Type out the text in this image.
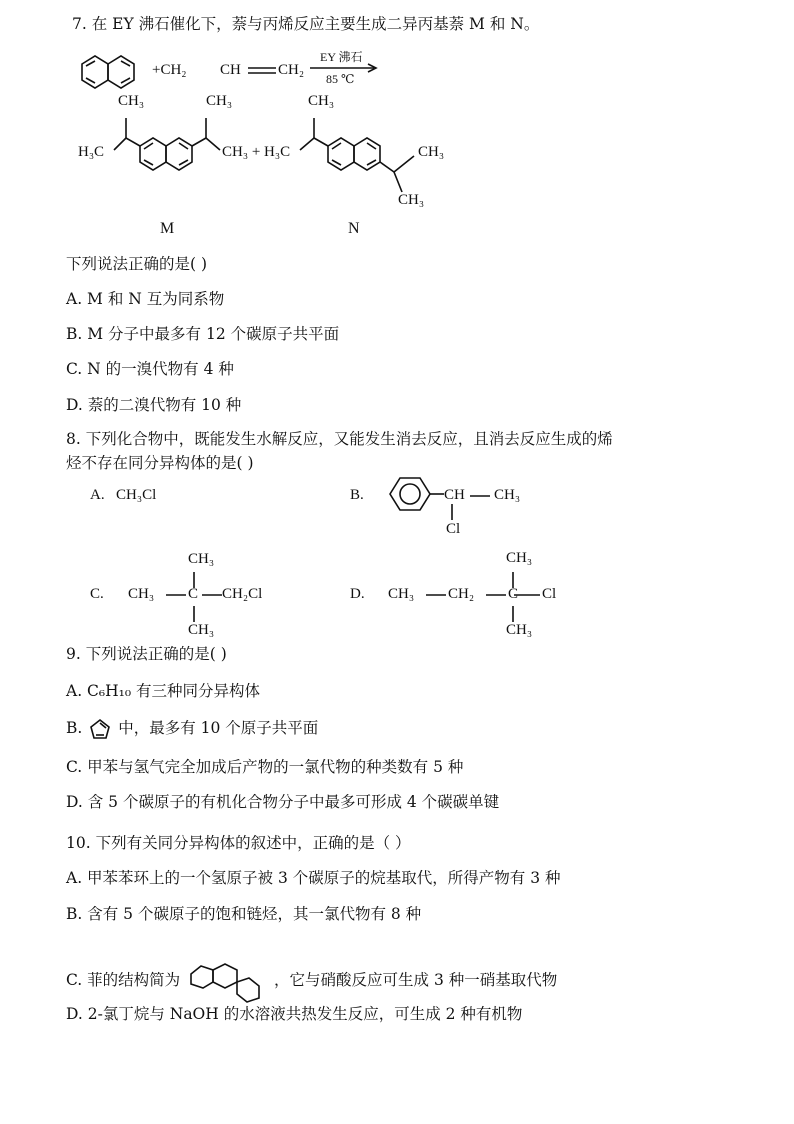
7. 在 EY 沸石催化下，萘与丙烯反应主要生成二异丙基萘 M 和 N。
+CH₂ CH CH₂
EY 沸石
85 ℃
CH₃	CH₃
H₃C	CH₃ + H₃C
CH₃
CH₃
CH₃
M	N
下列说法正确的是( )
A. M 和 N 互为同系物
B. M 分子中最多有 12 个碳原子共平面
C. N 的一溴代物有 4 种
D. 萘的二溴代物有 10 种
8. 下列化合物中，既能发生水解反应，又能发生消去反应，且消去反应生成的烯
烃不存在同分异构体的是( )
A. CH₃Cl	B.	CH CH₃
Cl
C.
CH₃
CH₃ C CH₂Cl
CH₃
D. CH₃ CH₂ C Cl
CH₃
CH₃
9. 下列说法正确的是( )
A. C₆H₁₀ 有三种同分异构体
B. 中，最多有 10 个原子共平面
C. 甲苯与氢气完全加成后产物的一氯代物的种类数有 5 种
D. 含 5 个碳原子的有机化合物分子中最多可形成 4 个碳碳单键
10. 下列有关同分异构体的叙述中，正确的是（ ）
A. 甲苯苯环上的一个氢原子被 3 个碳原子的烷基取代，所得产物有 3 种
B. 含有 5 个碳原子的饱和链烃，其一氯代物有 8 种
C. 菲的结构简为	，它与硝酸反应可生成 3 种一硝基取代物
D. 2-氯丁烷与 NaOH 的水溶液共热发生反应，可生成 2 种有机物
